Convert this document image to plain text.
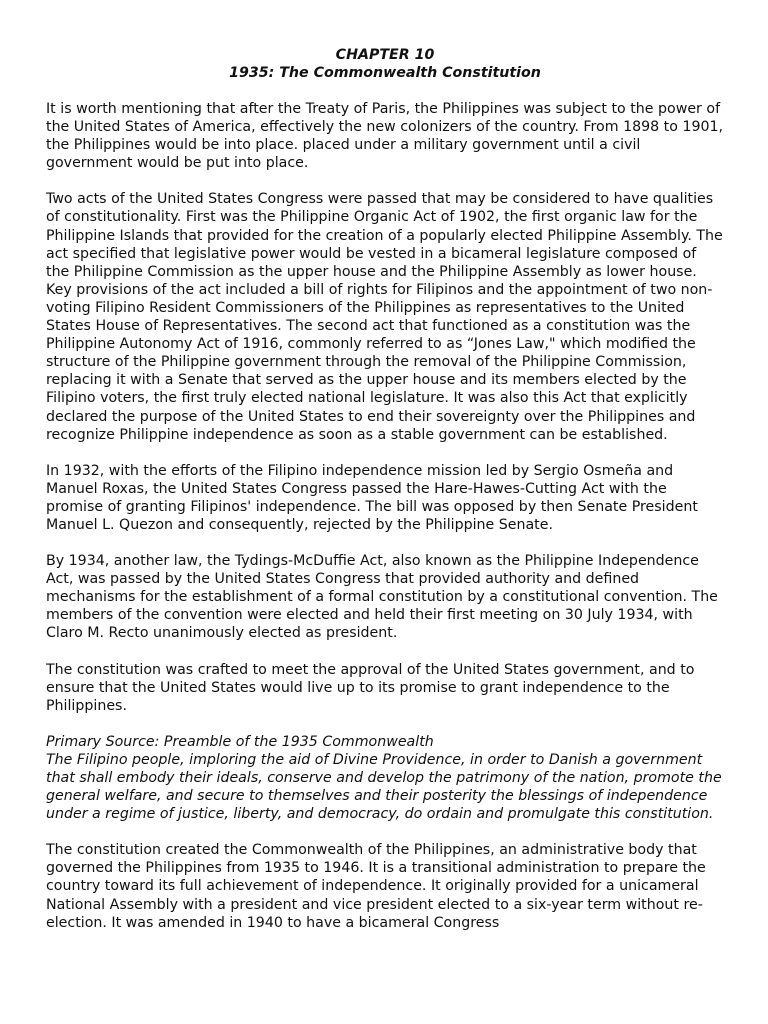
CHAPTER 10
1935: The Commonwealth Constitution

It is worth mentioning that after the Treaty of Paris, the Philippines was subject to the power of the United States of America, effectively the new colonizers of the country. From 1898 to 1901, the Philippines would be into place. placed under a military government until a civil government would be put into place.

Two acts of the United States Congress were passed that may be considered to have qualities of constitutionality. First was the Philippine Organic Act of 1902, the first organic law for the Philippine Islands that provided for the creation of a popularly elected Philippine Assembly. The act specified that legislative power would be vested in a bicameral legislature composed of the Philippine Commission as the upper house and the Philippine Assembly as lower house. Key provisions of the act included a bill of rights for Filipinos and the appointment of two non-voting Filipino Resident Commissioners of the Philippines as representatives to the United States House of Representatives. The second act that functioned as a constitution was the Philippine Autonomy Act of 1916, commonly referred to as “Jones Law," which modified the structure of the Philippine government through the removal of the Philippine Commission, replacing it with a Senate that served as the upper house and its members elected by the Filipino voters, the first truly elected national legislature. It was also this Act that explicitly declared the purpose of the United States to end their sovereignty over the Philippines and recognize Philippine independence as soon as a stable government can be established.

In 1932, with the efforts of the Filipino independence mission led by Sergio Osmeña and Manuel Roxas, the United States Congress passed the Hare-Hawes-Cutting Act with the promise of granting Filipinos' independence. The bill was opposed by then Senate President Manuel L. Quezon and consequently, rejected by the Philippine Senate.

By 1934, another law, the Tydings-McDuffie Act, also known as the Philippine Independence Act, was passed by the United States Congress that provided authority and defined mechanisms for the establishment of a formal constitution by a constitutional convention. The members of the convention were elected and held their first meeting on 30 July 1934, with Claro M. Recto unanimously elected as president.

The constitution was crafted to meet the approval of the United States government, and to ensure that the United States would live up to its promise to grant independence to the Philippines.

Primary Source: Preamble of the 1935 Commonwealth
The Filipino people, imploring the aid of Divine Providence, in order to Danish a government that shall embody their ideals, conserve and develop the patrimony of the nation, promote the general welfare, and secure to themselves and their posterity the blessings of independence under a regime of justice, liberty, and democracy, do ordain and promulgate this constitution.

The constitution created the Commonwealth of the Philippines, an administrative body that governed the Philippines from 1935 to 1946. It is a transitional administration to prepare the country toward its full achievement of independence. It originally provided for a unicameral National Assembly with a president and vice president elected to a six-year term without re-election. It was amended in 1940 to have a bicameral Congress
